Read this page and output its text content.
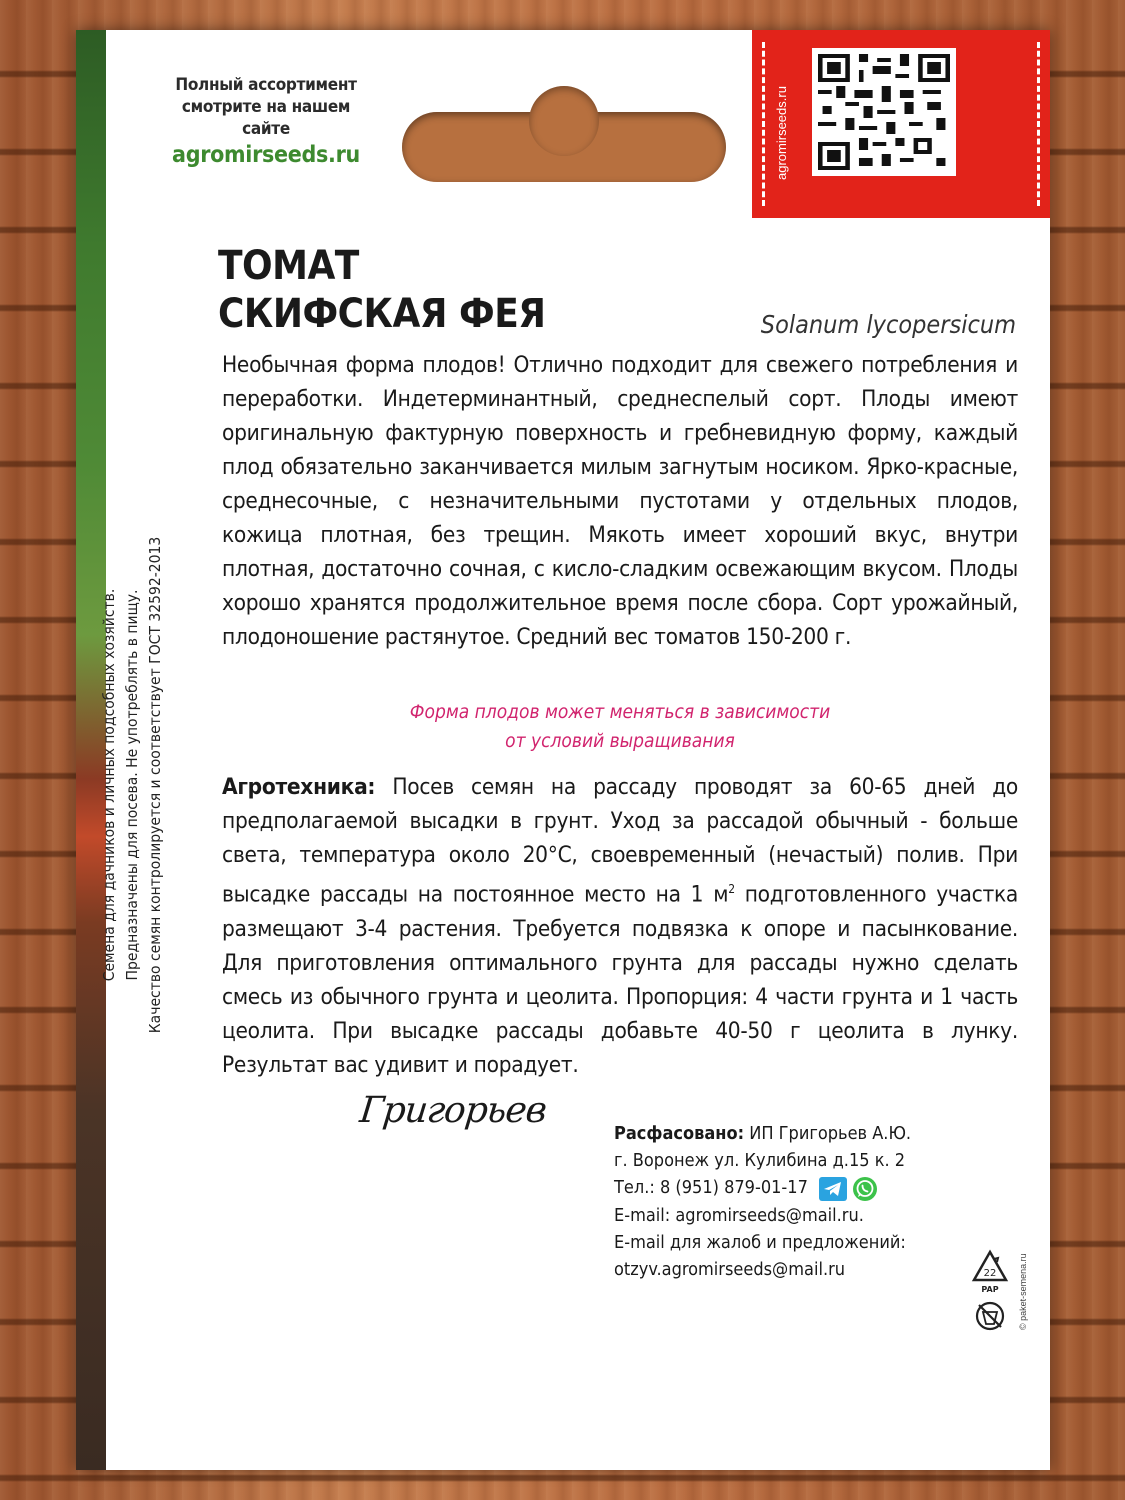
Полный ассортимент
смотрите на нашем сайте
agromirseeds.ru	agromirseeds.ru
ТОМАТ
СКИФСКАЯ ФЕЯ	Solanum lycopersicum
Необычная форма плодов! Отлично подходит для свежего потребления и переработки. Индетерминантный, среднеспелый сорт. Плоды имеют оригинальную фактурную поверхность и гребневидную форму, каждый плод обязательно заканчивается милым загнутым носиком. Ярко-красные, среднесочные, с незначительными пустотами у отдельных плодов, кожица плотная, без трещин. Мякоть имеет хороший вкус, внутри плотная, достаточно сочная, с кисло-сладким освежающим вкусом. Плоды хорошо хранятся продолжительное время после сбора. Сорт урожайный, плодоношение растянутое. Средний вес томатов 150-200 г.
Форма плодов может меняться в зависимости
от условий выращивания
Агротехника: Посев семян на рассаду проводят за 60-65 дней до предполагаемой высадки в грунт. Уход за рассадой обычный - больше света, температура около 20°С, своевременный (нечастый) полив. При высадке рассады на постоянное место на 1 $м^2$ подготовленного участка размещают 3-4 растения. Требуется подвязка к опоре и пасынкование. Для приготовления оптимального грунта для рассады нужно сделать смесь из обычного грунта и цеолита. Пропорция: 4 части грунта и 1 часть цеолита. При высадке рассады добавьте 40-50 г цеолита в лунку. Результат вас удивит и порадует.
Семена для дачников и личных подсобных хозяйств. Предназначены для посева. Не употреблять в пищу. Качество семян контролируется и соответствует ГОСТ 32592-2013
Григорьев
Расфасовано: ИП Григорьев А.Ю.
г. Воронеж ул. Кулибина д.15 к. 2
Тел.: 8 (951) 879-01-17
E-mail: agromirseeds@mail.ru.
E-mail для жалоб и предложений:
otzyv.agromirseeds@mail.ru	22
PAP © paket-semena.ru
